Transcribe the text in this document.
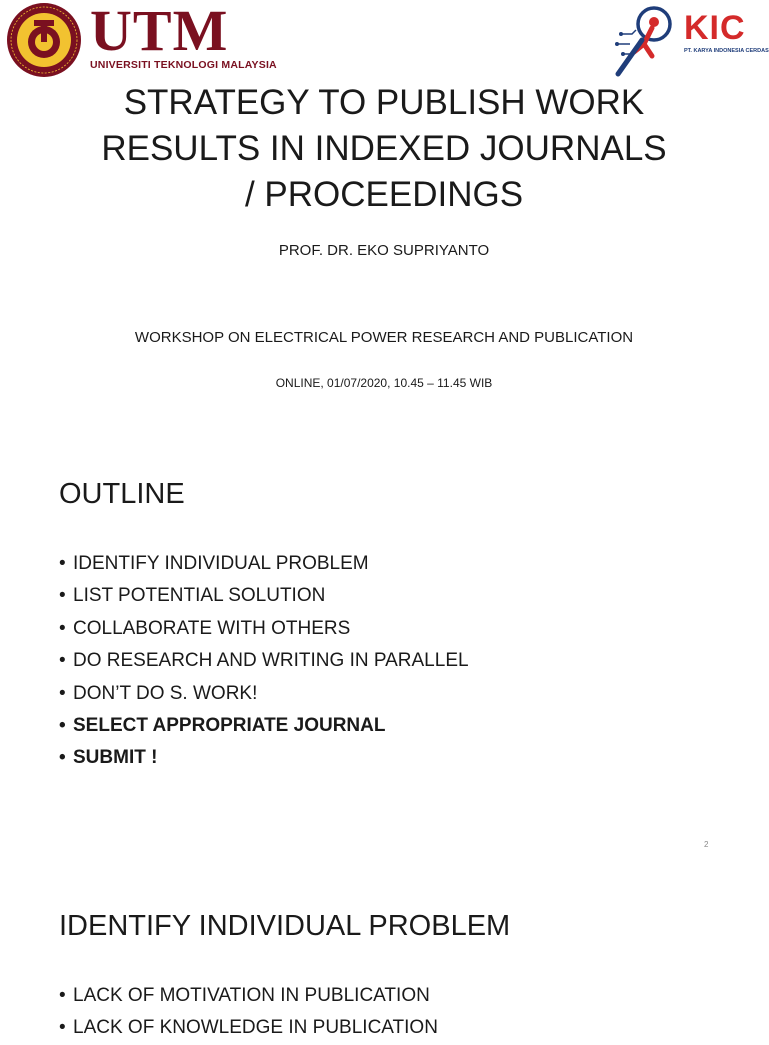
UTM
UNIVERSITI TEKNOLOGI MALAYSIA
KIC
PT. KARYA INDONESIA CERDAS
STRATEGY TO PUBLISH WORK
RESULTS IN INDEXED JOURNALS
/ PROCEEDINGS
PROF. DR. EKO SUPRIYANTO
WORKSHOP ON ELECTRICAL POWER RESEARCH AND PUBLICATION
ONLINE, 01/07/2020, 10.45 – 11.45 WIB
OUTLINE
• IDENTIFY INDIVIDUAL PROBLEM
• LIST POTENTIAL SOLUTION
• COLLABORATE WITH OTHERS
• DO RESEARCH AND WRITING IN PARALLEL
• DON’T DO S. WORK!
• SELECT APPROPRIATE JOURNAL
• SUBMIT !
2
IDENTIFY INDIVIDUAL PROBLEM
• LACK OF MOTIVATION IN PUBLICATION
• LACK OF KNOWLEDGE IN PUBLICATION
